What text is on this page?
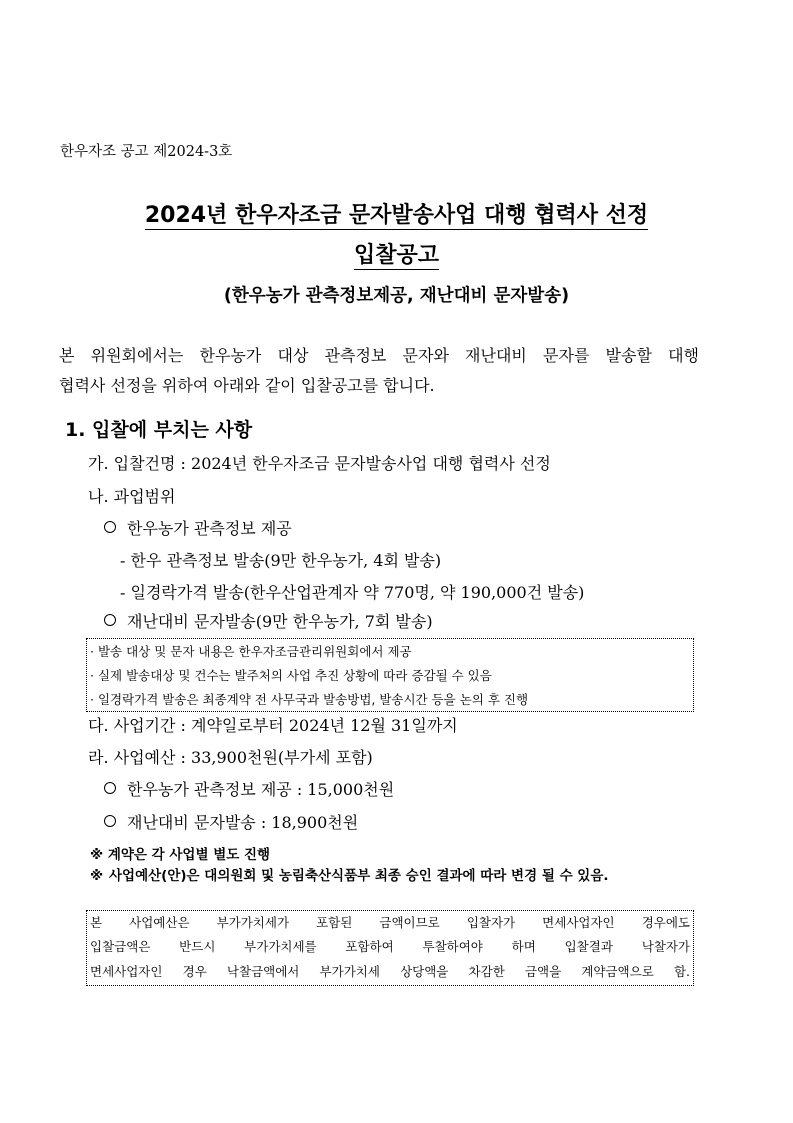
한우자조 공고 제2024-3호
2024년 한우자조금 문자발송사업 대행 협력사 선정
입찰공고
(한우농가 관측정보제공, 재난대비 문자발송)
본 위원회에서는 한우농가 대상 관측정보 문자와 재난대비 문자를 발송할 대행
협력사 선정을 위하여 아래와 같이 입찰공고를 합니다.
1. 입찰에 부치는 사항
가. 입찰건명 : 2024년 한우자조금 문자발송사업 대행 협력사 선정
나. 과업범위
한우농가 관측정보 제공
- 한우 관측정보 발송(9만 한우농가, 4회 발송)
- 일경락가격 발송(한우산업관계자 약 770명, 약 190,000건 발송)
재난대비 문자발송(9만 한우농가, 7회 발송)
· 발송 대상 및 문자 내용은 한우자조금관리위원회에서 제공
· 실제 발송대상 및 건수는 발주처의 사업 추진 상황에 따라 증감될 수 있음
· 일경락가격 발송은 최종계약 전 사무국과 발송방법, 발송시간 등을 논의 후 진행
다. 사업기간 : 계약일로부터 2024년 12월 31일까지
라. 사업예산 : 33,900천원(부가세 포함)
한우농가 관측정보 제공 : 15,000천원
재난대비 문자발송 : 18,900천원
※ 계약은 각 사업별 별도 진행
※ 사업예산(안)은 대의원회 및 농림축산식품부 최종 승인 결과에 따라 변경 될 수 있음.
본 사업예산은 부가가치세가 포함된 금액이므로 입찰자가 면세사업자인 경우에도
입찰금액은 반드시 부가가치세를 포함하여 투찰하여야 하며 입찰결과 낙찰자가
면세사업자인 경우 낙찰금액에서 부가가치세 상당액을 차감한 금액을 계약금액으로 함.
